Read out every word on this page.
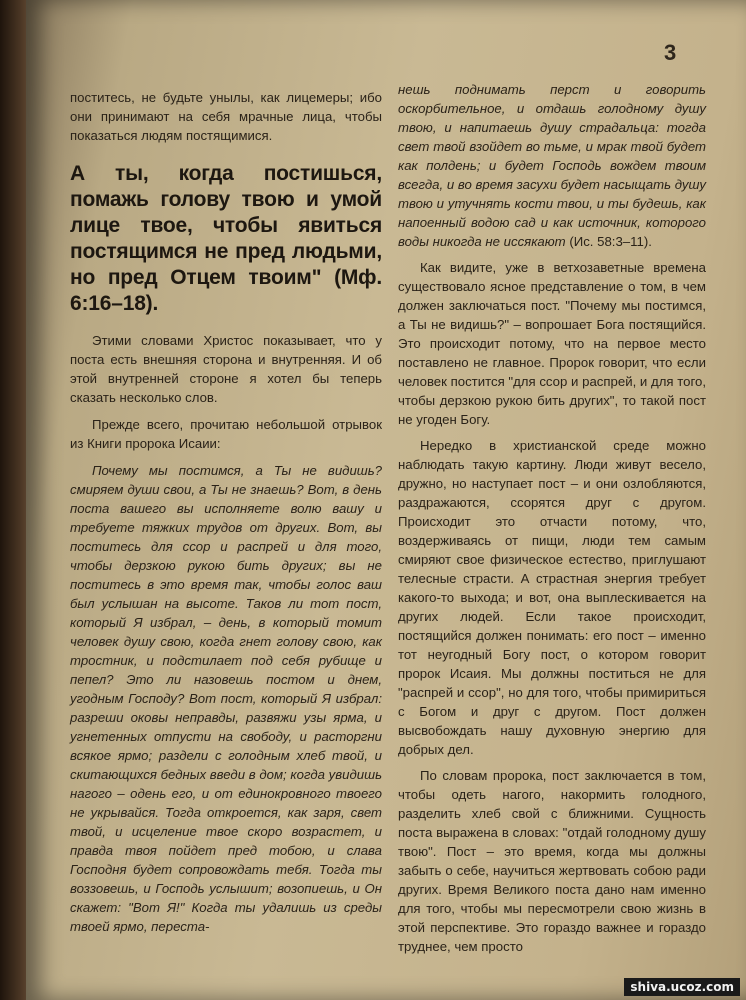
3

поститесь, не будьте унылы, как лицемеры; ибо они принимают на себя мрачные лица, чтобы показаться людям постящимися.

А ты, когда постишься, помажь голову твою и умой лице твое, чтобы явиться постящимся не пред людьми, но пред Отцем твоим" (Мф. 6:16–18).

Этими словами Христос показывает, что у поста есть внешняя сторона и внутренняя. И об этой внутренней стороне я хотел бы теперь сказать несколько слов.

Прежде всего, прочитаю небольшой отрывок из Книги пророка Исаии:

Почему мы постимся, а Ты не видишь? смиряем души свои, а Ты не знаешь? Вот, в день поста вашего вы исполняете волю вашу и требуете тяжких трудов от других. Вот, вы поститесь для ссор и распрей и для того, чтобы дерзкою рукою бить других; вы не поститесь в это время так, чтобы голос ваш был услышан на высоте. Таков ли тот пост, который Я избрал, – день, в который томит человек душу свою, когда гнет голову свою, как тростник, и подстилает под себя рубище и пепел? Это ли назовешь постом и днем, угодным Господу? Вот пост, который Я избрал: разреши оковы неправды, развяжи узы ярма, и угнетенных отпусти на свободу, и расторгни всякое ярмо; раздели с голодным хлеб твой, и скитающихся бедных введи в дом; когда увидишь нагого – одень его, и от единокровного твоего не укрывайся. Тогда откроется, как заря, свет твой, и исцеление твое скоро возрастет, и правда твоя пойдет пред тобою, и слава Господня будет сопровождать тебя. Тогда ты воззовешь, и Господь услышит; возопиешь, и Он скажет: "Вот Я!" Когда ты удалишь из среды твоей ярмо, переста-

нешь поднимать перст и говорить оскорбительное, и отдашь голодному душу твою, и напитаешь душу страдальца: тогда свет твой взойдет во тьме, и мрак твой будет как полдень; и будет Господь вождем твоим всегда, и во время засухи будет насыщать душу твою и утучнять кости твои, и ты будешь, как напоенный водою сад и как источник, которого воды никогда не иссякают (Ис. 58:3–11).

Как видите, уже в ветхозаветные времена существовало ясное представление о том, в чем должен заключаться пост. "Почему мы постимся, а Ты не видишь?" – вопрошает Бога постящийся. Это происходит потому, что на первое место поставлено не главное. Пророк говорит, что если человек постится "для ссор и распрей, и для того, чтобы дерзкою рукою бить других", то такой пост не угоден Богу.

Нередко в христианской среде можно наблюдать такую картину. Люди живут весело, дружно, но наступает пост – и они озлобляются, раздражаются, ссорятся друг с другом. Происходит это отчасти потому, что, воздерживаясь от пищи, люди тем самым смиряют свое физическое естество, приглушают телесные страсти. А страстная энергия требует какого-то выхода; и вот, она выплескивается на других людей. Если такое происходит, постящийся должен понимать: его пост – именно тот неугодный Богу пост, о котором говорит пророк Исаия. Мы должны поститься не для "распрей и ссор", но для того, чтобы примириться с Богом и друг с другом. Пост должен высвобождать нашу духовную энергию для добрых дел.

По словам пророка, пост заключается в том, чтобы одеть нагого, накормить голодного, разделить хлеб свой с ближними. Сущность поста выражена в словах: "отдай голодному душу твою". Пост – это время, когда мы должны забыть о себе, научиться жертвовать собою ради других. Время Великого поста дано нам именно для того, чтобы мы пересмотрели свою жизнь в этой перспективе. Это гораздо важнее и гораздо труднее, чем просто

shiva.ucoz.com
